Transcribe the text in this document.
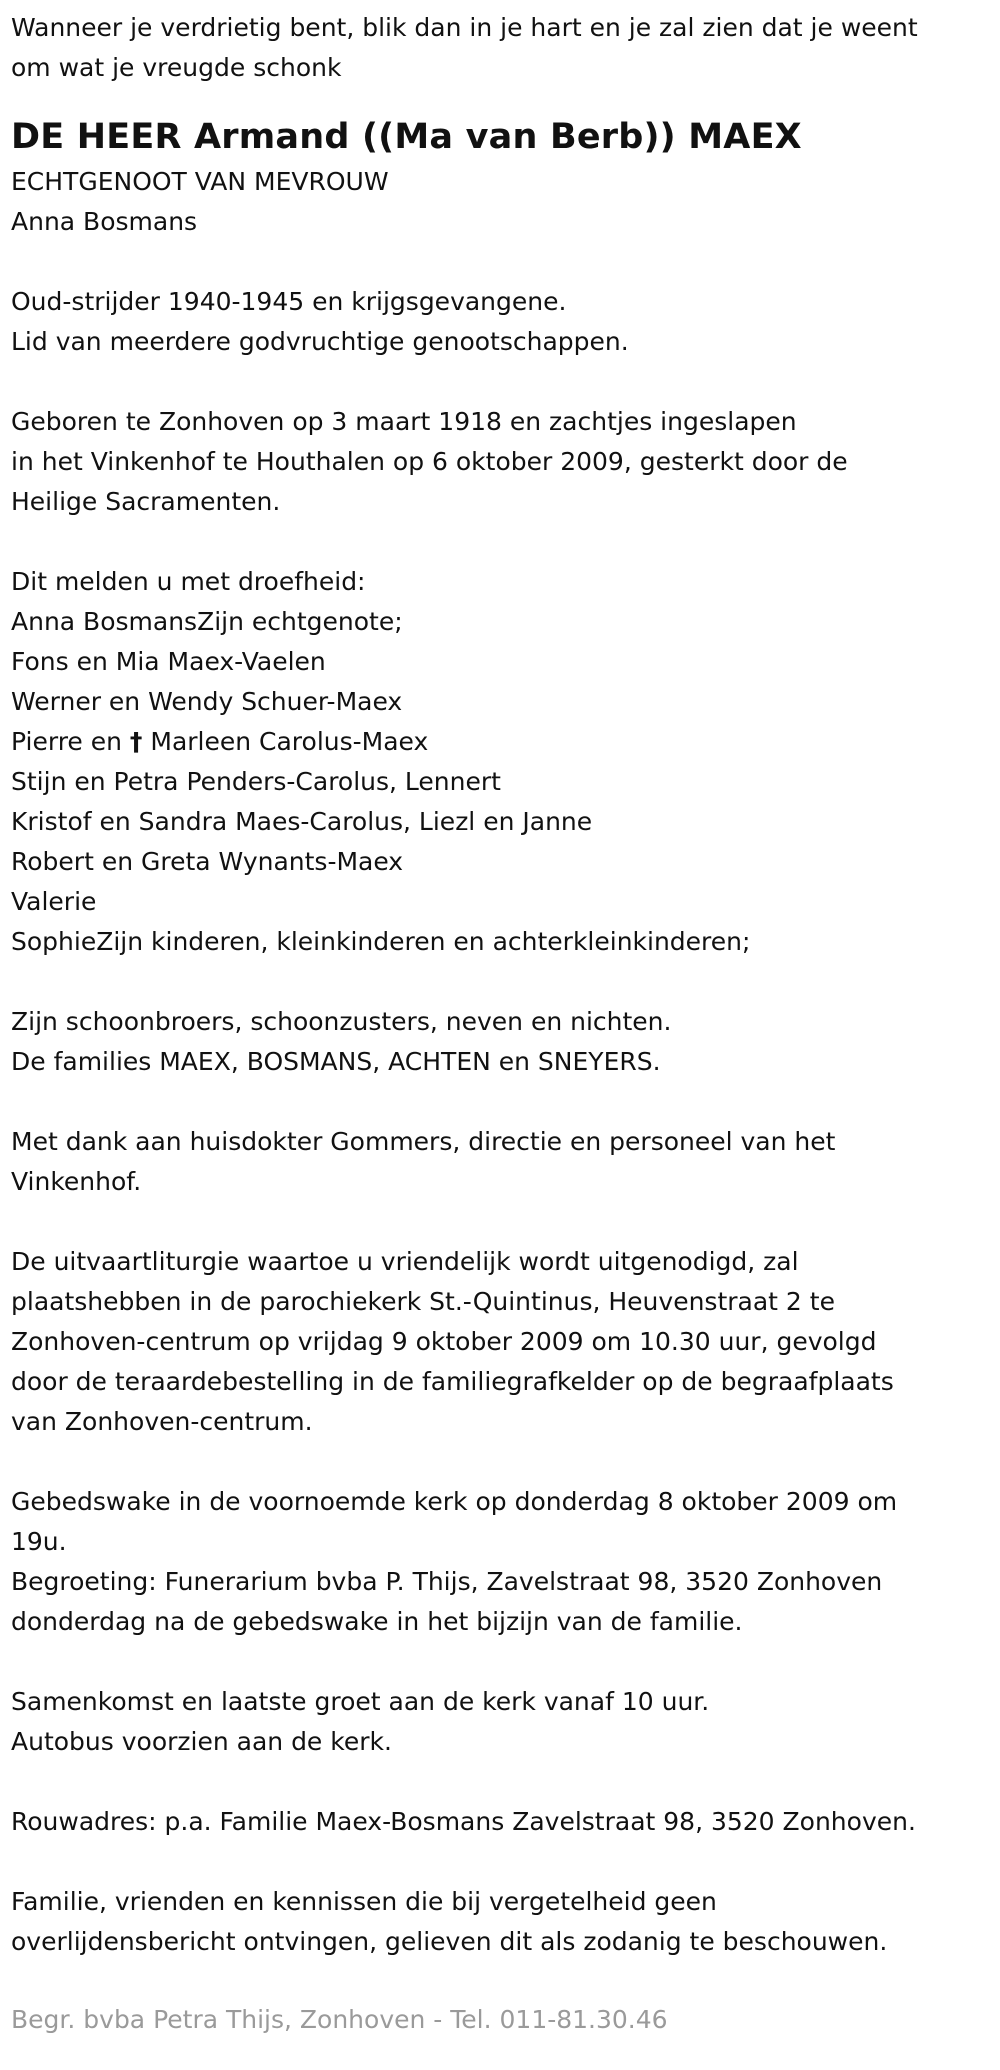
Wanneer je verdrietig bent, blik dan in je hart en je zal zien dat je weent
om wat je vreugde schonk
DE HEER Armand ((Ma van Berb)) MAEX
ECHTGENOOT VAN MEVROUW
Anna Bosmans
Oud-strijder 1940-1945 en krijgsgevangene.
Lid van meerdere godvruchtige genootschappen.
Geboren te Zonhoven op 3 maart 1918 en zachtjes ingeslapen
in het Vinkenhof te Houthalen op 6 oktober 2009, gesterkt door de
Heilige Sacramenten.
Dit melden u met droefheid:
Anna BosmansZijn echtgenote;
Fons en Mia Maex-Vaelen
Werner en Wendy Schuer-Maex
Pierre en † Marleen Carolus-Maex
Stijn en Petra Penders-Carolus, Lennert
Kristof en Sandra Maes-Carolus, Liezl en Janne
Robert en Greta Wynants-Maex
Valerie
SophieZijn kinderen, kleinkinderen en achterkleinkinderen;
Zijn schoonbroers, schoonzusters, neven en nichten.
De families MAEX, BOSMANS, ACHTEN en SNEYERS.
Met dank aan huisdokter Gommers, directie en personeel van het
Vinkenhof.
De uitvaartliturgie waartoe u vriendelijk wordt uitgenodigd, zal
plaatshebben in de parochiekerk St.-Quintinus, Heuvenstraat 2 te
Zonhoven-centrum op vrijdag 9 oktober 2009 om 10.30 uur, gevolgd
door de teraardebestelling in de familiegrafkelder op de begraafplaats
van Zonhoven-centrum.
Gebedswake in de voornoemde kerk op donderdag 8 oktober 2009 om
19u.
Begroeting: Funerarium bvba P. Thijs, Zavelstraat 98, 3520 Zonhoven
donderdag na de gebedswake in het bijzijn van de familie.
Samenkomst en laatste groet aan de kerk vanaf 10 uur.
Autobus voorzien aan de kerk.
Rouwadres: p.a. Familie Maex-Bosmans Zavelstraat 98, 3520 Zonhoven.
Familie, vrienden en kennissen die bij vergetelheid geen
overlijdensbericht ontvingen, gelieven dit als zodanig te beschouwen.
Begr. bvba Petra Thijs, Zonhoven - Tel. 011-81.30.46
